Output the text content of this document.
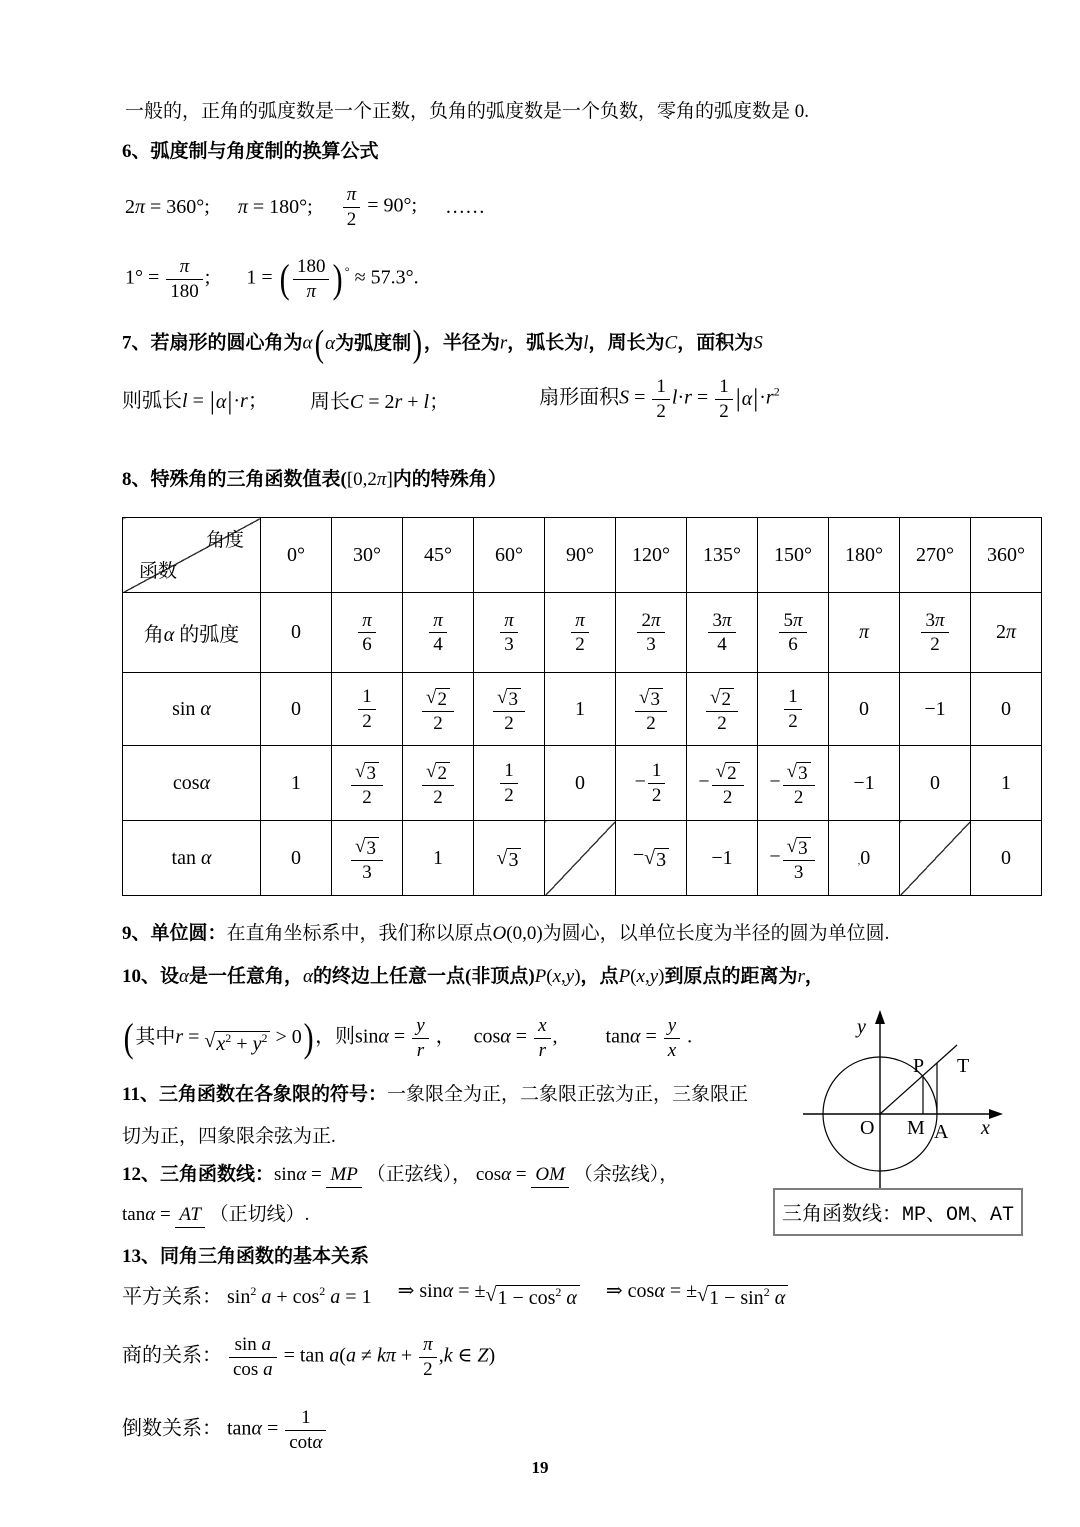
一般的，正角的弧度数是一个正数，负角的弧度数是一个负数，零角的弧度数是 0.
6、弧度制与角度制的换算公式
2π = 360°; π = 180°; $\frac{\pi}{2} = 90^\circ$; ……
$1^\circ = \frac{\pi}{180}$ ; 1 = ( $\frac{180}{\pi}$ ) ° ≈ 57.3°.
7、若扇形的圆心角为α ( α为弧度制 ) ，半径为r，弧长为l，周长为C，面积为S
则弧长l = | α | ·r； 周长C = 2r + l；	扇形面积$S = \frac{1}{2} l\cdot r = \frac{1}{2}$ | α | $\cdot r^2$
8、特殊角的三角函数值表([0,2π]内的特殊角）
角度
函数	0°	30°	45°	60°	90°	120°	135°	150°	180°	270°	360°
角α 的弧度	0	$\frac{\pi}{6}$	$\frac{\pi}{4}$	$\frac{\pi}{3}$	$\frac{\pi}{2}$	$\frac{2\pi}{3}$	$\frac{3\pi}{4}$	$\frac{5\pi}{6}$	π	$\frac{3\pi}{2}$	2π
sin α	0	$\frac{1}{2}$	$\frac{√ 2}{2}$	$\frac{√ 3}{2}$	1	$\frac{√ 3}{2}$	$\frac{√ 2}{2}$	$\frac{1}{2}$	0	−1	0
cosα	1	$\frac{√ 3}{2}$	$\frac{√ 2}{2}$	$\frac{1}{2}$	0	− $\frac{1}{2}$	− $\frac{√ 2}{2}$	− $\frac{√ 3}{2}$	−1	0	1
tan α	0	$\frac{√ 3}{3}$	1	√ 3		− √ 3	−1	− $\frac{√ 3}{3}$	,0		0
9、单位圆：在直角坐标系中，我们称以原点O(0,0)为圆心，以单位长度为半径的圆为单位圆.
10、设α是一任意角，α的终边上任意一点(非顶点)P(x,y)，点P(x,y)到原点的距离为r，
( 其中r = √ $x^2 + y^2 > 0$ ) ，则$\sin\alpha = \frac{y}{r}$ ， $\cos\alpha = \frac{x}{r}$ , $\tan\alpha = \frac{y}{x}$ .
11、三角函数在各象限的符号：一象限全为正，二象限正弦为正，三象限正
切为正，四象限余弦为正.
12、三角函数线：sinα = MP （正弦线）， cosα = OM （余弦线），
tanα = AT （正切线）.
13、同角三角函数的基本关系
平方关系： $\sin^2 a + \cos^2 a = 1$ ⇒ sinα = ± √ $1 - \cos^2 \alpha$ ⇒ cosα = ± √ $1 - \sin^2 \alpha$
商的关系： $\frac{\text{sin a}}{\text{cos a}} = \tan a(a \ne k\pi + \frac{\pi}{2} ,k$ ∈ Z)
倒数关系： $\tan\alpha = \frac{1}{\cot\alpha}$
y
x
O M A
P T
三角函数线：MP、OM、AT
19
